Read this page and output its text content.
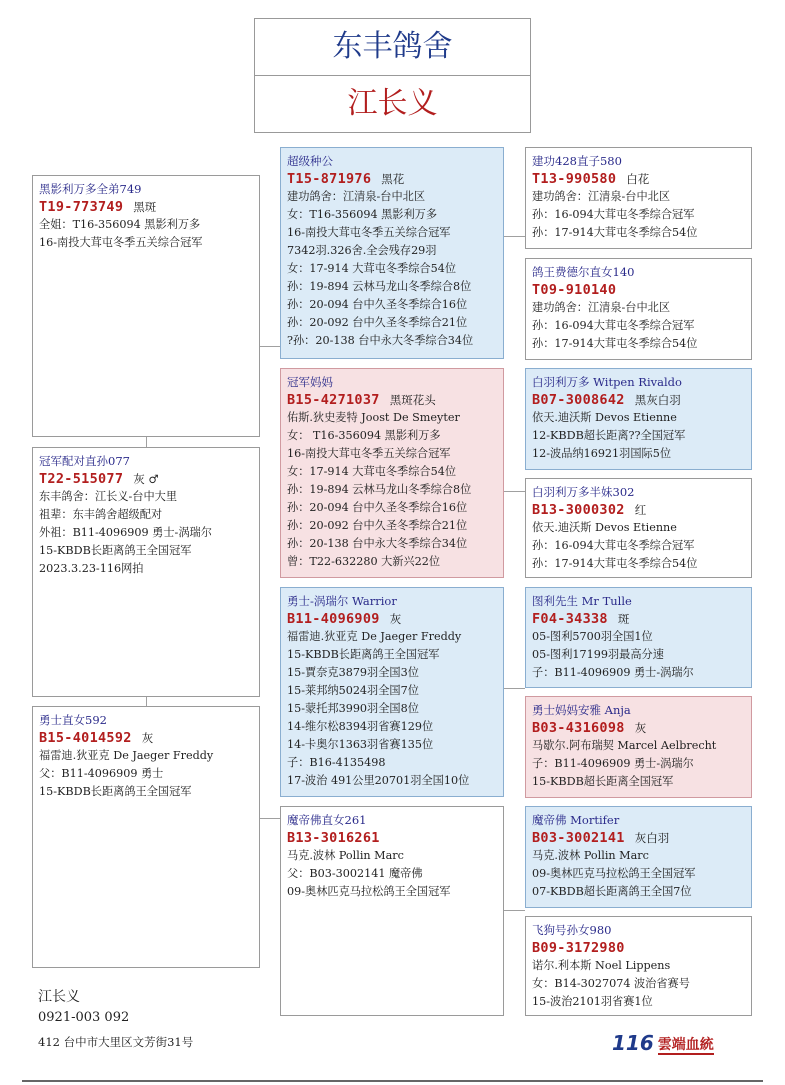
东丰鸽舍
江长义
黑影利万多全弟749
T19-773749 黑斑
全姐：T16-356094 黑影利万多
16-南投大茸屯冬季五关综合冠军
冠军配对直孙077
T22-515077 灰 ♂
东丰鸽舍：江长义-台中大里
祖辈：东丰鸽舍超级配对
外祖：B11-4096909 勇士-涡瑞尔
15-KBDB长距离鸽王全国冠军
2023.3.23-116网拍
勇士直女592
B15-4014592 灰
福雷迪.狄亚克 De Jaeger Freddy
父：B11-4096909 勇士
15-KBDB长距离鸽王全国冠军
超级种公
T15-871976 黑花
建功鸽舍：江清泉-台中北区
女：T16-356094 黑影利万多
16-南投大茸屯冬季五关综合冠军
7342羽.326舍.全会残存29羽
女：17-914 大茸屯冬季综合54位
孙：19-894 云林马龙山冬季综合8位
孙：20-094 台中久圣冬季综合16位
孙：20-092 台中久圣冬季综合21位
?孙：20-138 台中永大冬季综合34位
冠军妈妈
B15-4271037 黑斑花头
佑斯.狄史麦特 Joost De Smeyter
女： T16-356094 黑影利万多
16-南投大茸屯冬季五关综合冠军
女：17-914 大茸屯冬季综合54位
孙：19-894 云林马龙山冬季综合8位
孙：20-094 台中久圣冬季综合16位
孙：20-092 台中久圣冬季综合21位
孙：20-138 台中永大冬季综合34位
曾：T22-632280 大新兴22位
勇士-涡瑞尔 Warrior
B11-4096909 灰
福雷迪.狄亚克 De Jaeger Freddy
15-KBDB长距离鸽王全国冠军
15-賈奈克3879羽全国3位
15-莱邦纳5024羽全国7位
15-蒙托邦3990羽全国8位
14-维尔松8394羽省赛129位
14-卡奥尔1363羽省赛135位
子：B16-4135498
17-波治 491公里20701羽全国10位
魔帝佛直女261
B13-3016261
马克.波林 Pollin Marc
父：B03-3002141 魔帝佛
09-奥林匹克马拉松鸽王全国冠军
建功428直子580
T13-990580 白花
建功鸽舍：江清泉-台中北区
孙：16-094大茸屯冬季综合冠军
孙：17-914大茸屯冬季综合54位
鸽王费德尔直女140
T09-910140
建功鸽舍：江清泉-台中北区
孙：16-094大茸屯冬季综合冠军
孙：17-914大茸屯冬季综合54位
白羽利万多 Witpen Rivaldo
B07-3008642 黑灰白羽
依天.迪沃斯 Devos Etienne
12-KBDB超长距离??全国冠军
12-波品纳16921羽国际5位
白羽利万多半妹302
B13-3000302 红
依天.迪沃斯 Devos Etienne
孙：16-094大茸屯冬季综合冠军
孙：17-914大茸屯冬季综合54位
图利先生 Mr Tulle
F04-34338 斑
05-图利5700羽全国1位
05-图利17199羽最高分速
子：B11-4096909 勇士-涡瑞尔
勇士妈妈安雅 Anja
B03-4316098 灰
马歇尔.阿布瑞契 Marcel Aelbrecht
子：B11-4096909 勇士-涡瑞尔
15-KBDB超长距离全国冠军
魔帝佛 Mortifer
B03-3002141 灰白羽
马克.波林 Pollin Marc
09-奥林匹克马拉松鸽王全国冠军
07-KBDB超长距离鸽王全国7位
飞狗号孙女980
B09-3172980
诺尔.利本斯 Noel Lippens
女：B14-3027074 波治省赛号
15-波治2101羽省赛1位
江长义
0921-003 092
412 台中市大里区文芳街31号	116 雲端血統
